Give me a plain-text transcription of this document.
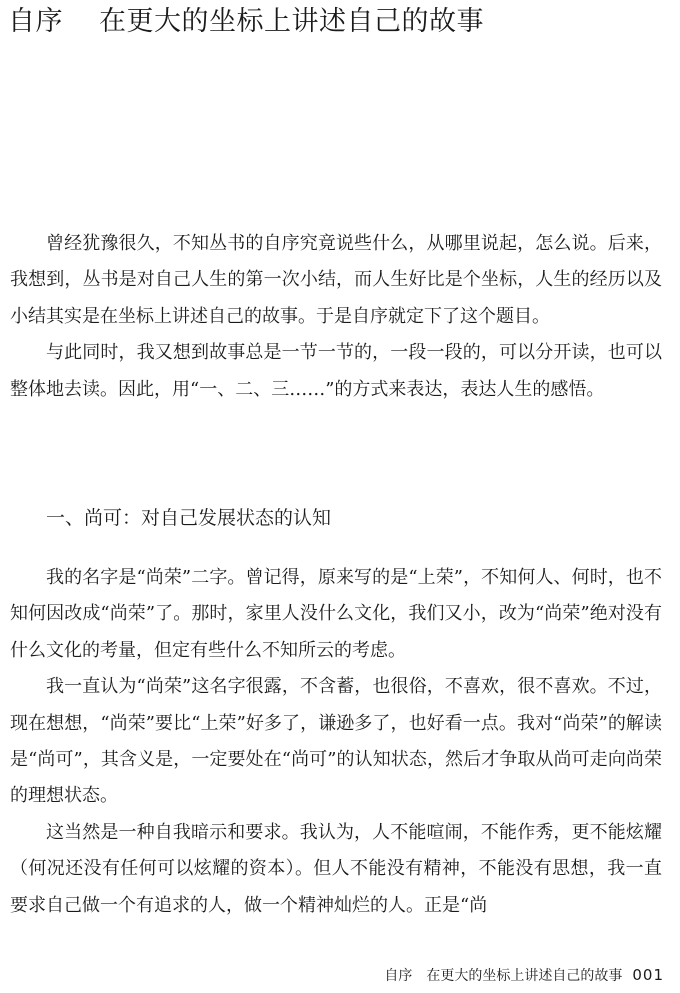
自序 在更大的坐标上讲述自己的故事

曾经犹豫很久，不知丛书的自序究竟说些什么，从哪里说起，怎么说。后来，我想到，丛书是对自己人生的第一次小结，而人生好比是个坐标，人生的经历以及小结其实是在坐标上讲述自己的故事。于是自序就定下了这个题目。

与此同时，我又想到故事总是一节一节的，一段一段的，可以分开读，也可以整体地去读。因此，用“一、二、三……”的方式来表达，表达人生的感悟。

一、尚可：对自己发展状态的认知

我的名字是“尚荣”二字。曾记得，原来写的是“上荣”，不知何人、何时，也不知何因改成“尚荣”了。那时，家里人没什么文化，我们又小，改为“尚荣”绝对没有什么文化的考量，但定有些什么不知所云的考虑。

我一直认为“尚荣”这名字很露，不含蓄，也很俗，不喜欢，很不喜欢。不过，现在想想，“尚荣”要比“上荣”好多了，谦逊多了，也好看一点。我对“尚荣”的解读是“尚可”，其含义是，一定要处在“尚可”的认知状态，然后才争取从尚可走向尚荣的理想状态。

这当然是一种自我暗示和要求。我认为，人不能喧闹，不能作秀，更不能炫耀（何况还没有任何可以炫耀的资本）。但人不能没有精神，不能没有思想，我一直要求自己做一个有追求的人，做一个精神灿烂的人。正是“尚

自序 在更大的坐标上讲述自己的故事 001
